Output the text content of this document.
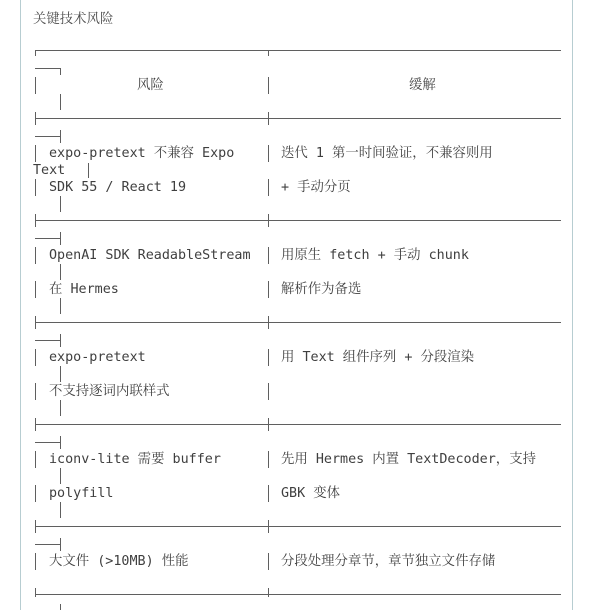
关键技术风险
风险	缓解
expo-pretext 不兼容 Expo
Text
SDK 55 / React 19
迭代 1 第一时间验证，不兼容则用
+ 手动分页
OpenAI SDK ReadableStream
在 Hermes
用原生 fetch + 手动 chunk
解析作为备选
expo-pretext
不支持逐词内联样式
用 Text 组件序列 + 分段渲染
iconv-lite 需要 buffer
polyfill
先用 Hermes 内置 TextDecoder，支持
GBK 变体
大文件 (>10MB) 性能	分段处理分章节，章节独立文件存储
